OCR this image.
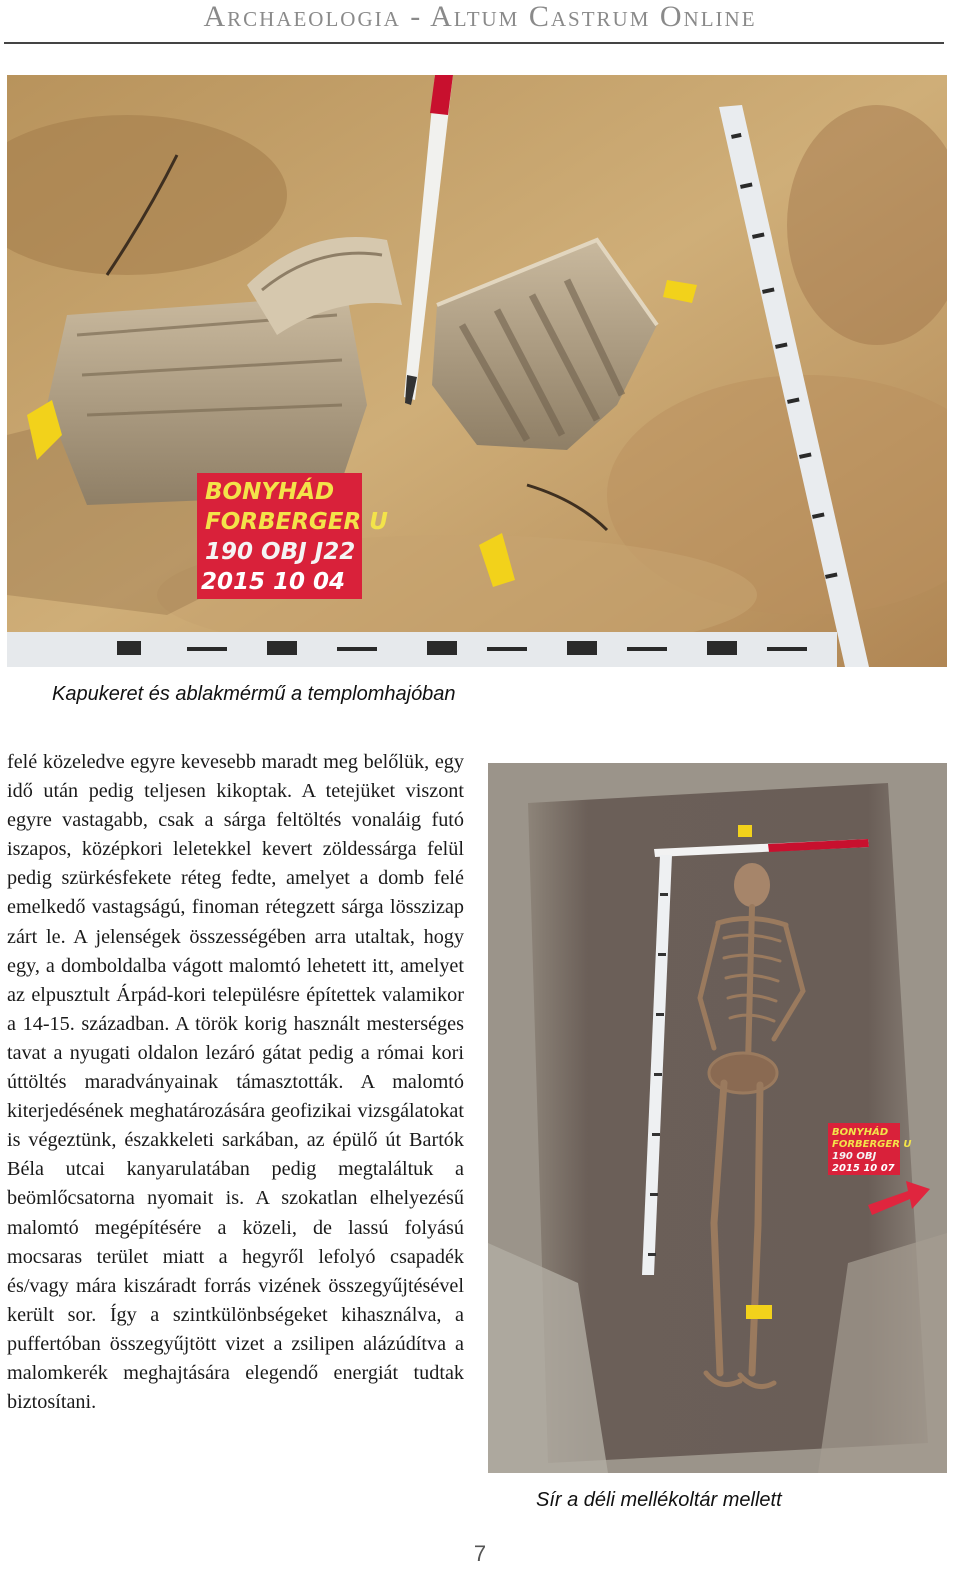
Archaeologia - Altum Castrum Online
BONYHÁD
FORBERGER U
190 OBJ J22
2015 10 04
Kapukeret és ablakmérmű a templomhajóban
felé közeledve egyre kevesebb maradt meg belőlük, egy idő után pedig teljesen kikoptak. A tetejüket viszont egyre vastagabb, csak a sárga feltöltés vonaláig futó iszapos, középkori leletekkel kevert zöldessárga felül pedig szürkésfekete réteg fedte, amelyet a domb felé emelkedő vastagságú, finoman rétegzett sárga lösszizap zárt le. A jelenségek összességében arra utaltak, hogy egy, a domboldalba vágott malomtó lehetett itt, amelyet az elpusztult Árpád-kori településre építettek valamikor a 14-15. században. A török korig használt mesterséges tavat a nyugati oldalon lezáró gátat pedig a római kori úttöltés maradványainak támasztották. A malomtó kiterjedésének meghatározására geofizikai vizsgálatokat is végeztünk, északkeleti sarkában, az épülő út Bartók Béla utcai kanyarulatában pedig megtaláltuk a beömlőcsatorna nyomait is. A szokatlan elhelyezésű malomtó megépítésére a közeli, de lassú folyású mocsaras terület miatt a hegyről lefolyó csapadék és/vagy mára kiszáradt forrás vizének összegyűjtésével került sor. Így a szintkülönbségeket kihasználva, a puffertóban összegyűjtött vizet a zsilipen alázúdítva a malomkerék meghajtására elegendő energiát tudtak biztosítani.
BONYHÁD
FORBERGER U
190 OBJ
2015 10 07
Sír a déli mellékoltár mellett
7
